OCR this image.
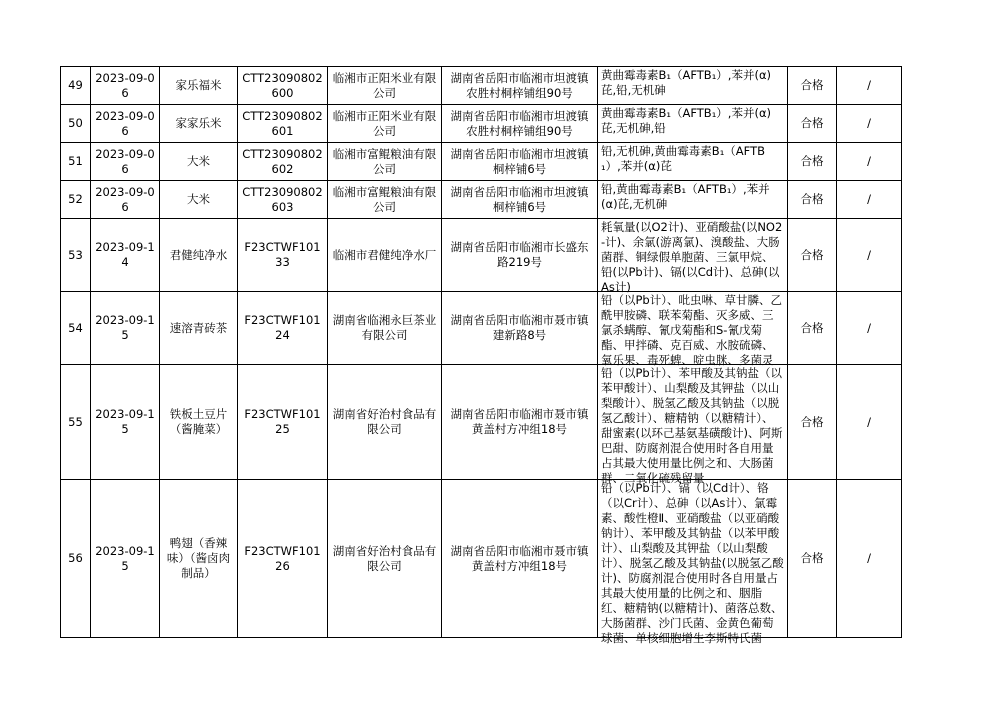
49	2023-09-06	家乐福米	CTT23090802600	临湘市正阳米业有限公司	湖南省岳阳市临湘市坦渡镇农胜村桐梓铺组90号	黄曲霉毒素B₁（AFTB₁）,苯并(α)芘,铅,无机砷	合格	/

50	2023-09-06	家家乐米	CTT23090802601	临湘市正阳米业有限公司	湖南省岳阳市临湘市坦渡镇农胜村桐梓铺组90号	黄曲霉毒素B₁（AFTB₁）,苯并(α)芘,无机砷,铅	合格	/

51	2023-09-06	大米	CTT23090802602	临湘市富鲲粮油有限公司	湖南省岳阳市临湘市坦渡镇桐梓铺6号	铅,无机砷,黄曲霉毒素B₁（AFTB₁）,苯并(α)芘	合格	/

52	2023-09-06	大米	CTT23090802603	临湘市富鲲粮油有限公司	湖南省岳阳市临湘市坦渡镇桐梓铺6号	铅,黄曲霉毒素B₁（AFTB₁）,苯并(α)芘,无机砷	合格	/

53	2023-09-14	君健纯净水	F23CTWF10133	临湘市君健纯净水厂	湖南省岳阳市临湘市长盛东路219号	耗氧量(以O2计)、亚硝酸盐(以NO2-计)、余氯(游离氯)、溴酸盐、大肠菌群、铜绿假单胞菌、三氯甲烷、铅(以Pb计)、镉(以Cd计)、总砷(以As计)	合格	/

54	2023-09-15	速溶青砖茶	F23CTWF10124	湖南省临湘永巨茶业有限公司	湖南省岳阳市临湘市聂市镇建新路8号	铅（以Pb计）、吡虫啉、草甘膦、乙酰甲胺磷、联苯菊酯、灭多威、三氯杀螨醇、氰戊菊酯和S-氰戊菊酯、甲拌磷、克百威、水胺硫磷、氧乐果、毒死蜱、啶虫脒、多菌灵	合格	/

55	2023-09-15	铁板土豆片（酱腌菜）	F23CTWF10125	湖南省好治村食品有限公司	湖南省岳阳市临湘市聂市镇黄盖村方冲组18号	铅（以Pb计）、苯甲酸及其钠盐（以苯甲酸计）、山梨酸及其钾盐（以山梨酸计）、脱氢乙酸及其钠盐（以脱氢乙酸计）、糖精钠（以糖精计）、甜蜜素(以环己基氨基磺酸计)、阿斯巴甜、防腐剂混合使用时各自用量占其最大使用量比例之和、大肠菌群、二氧化硫残留量	合格	/

56	2023-09-15	鸭翅（香辣味）（酱卤肉制品）	F23CTWF10126	湖南省好治村食品有限公司	湖南省岳阳市临湘市聂市镇黄盖村方冲组18号	铅（以Pb计）、镉（以Cd计）、铬（以Cr计）、总砷（以As计）、氯霉素、酸性橙Ⅱ、亚硝酸盐（以亚硝酸钠计）、苯甲酸及其钠盐（以苯甲酸计）、山梨酸及其钾盐（以山梨酸计）、脱氢乙酸及其钠盐(以脱氢乙酸计)、防腐剂混合使用时各自用量占其最大使用量的比例之和、胭脂红、糖精钠(以糖精计)、菌落总数、大肠菌群、沙门氏菌、金黄色葡萄球菌、单核细胞增生李斯特氏菌	合格	/
